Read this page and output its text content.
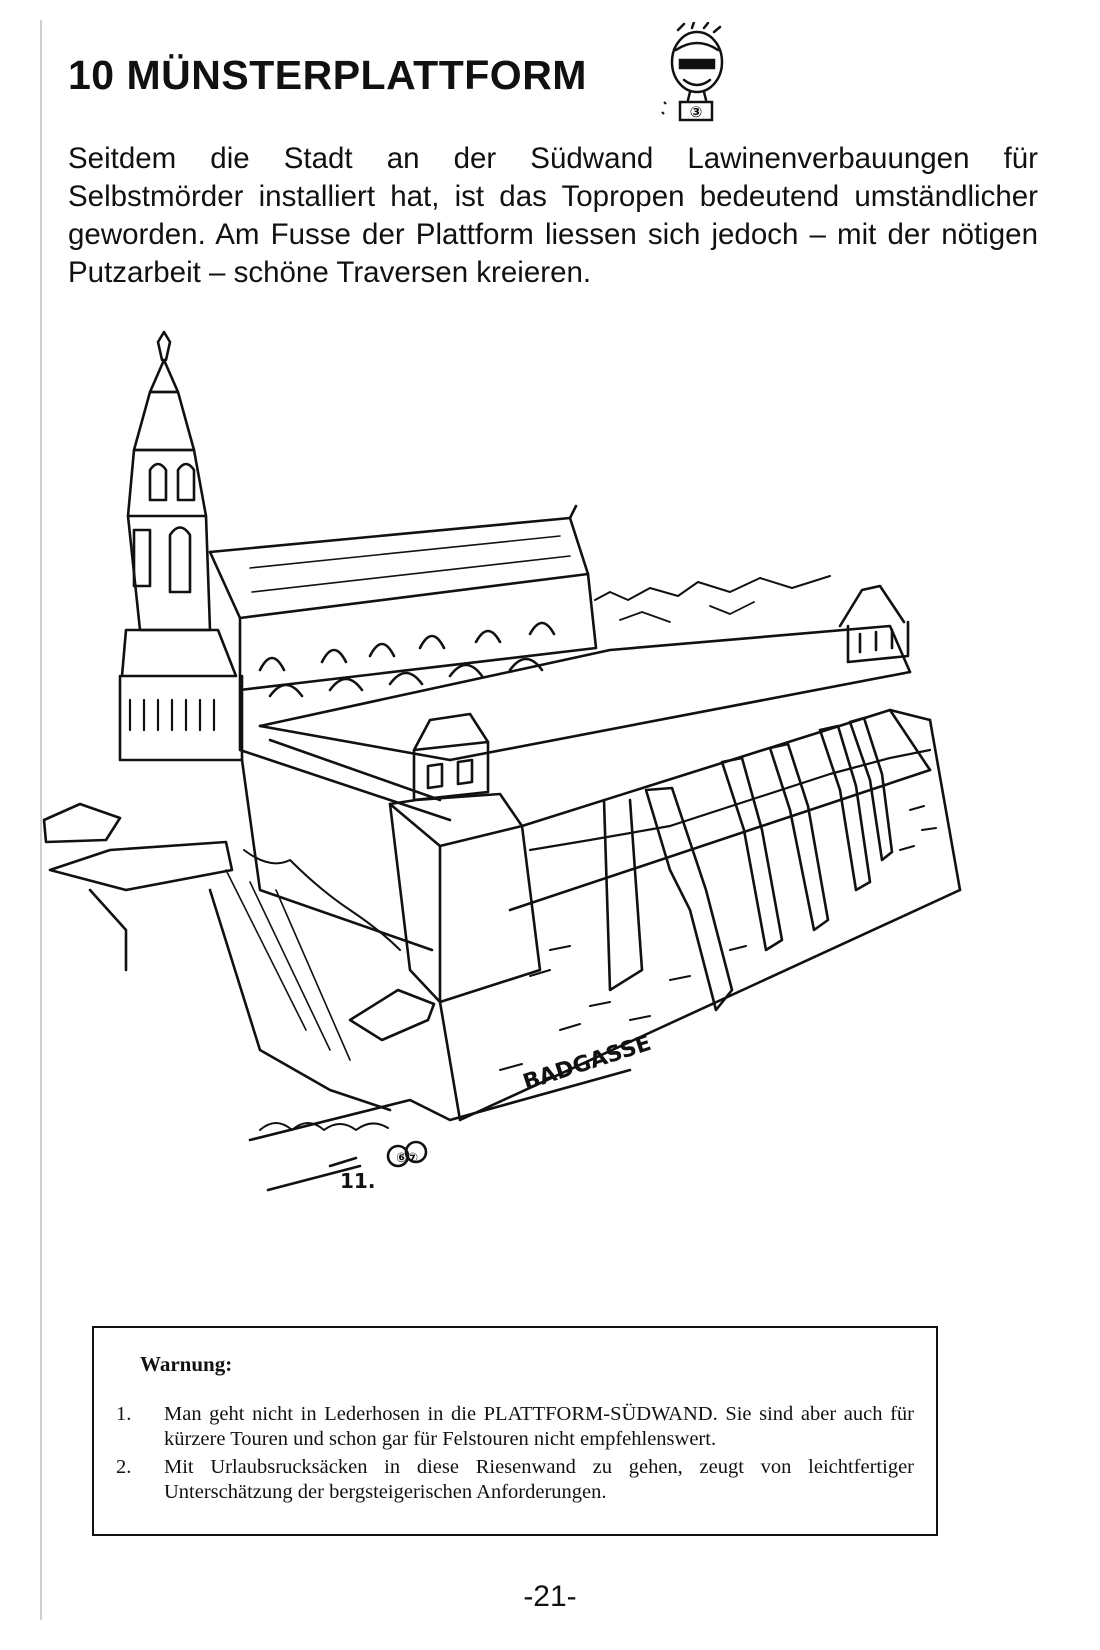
10 MÜNSTERPLATTFORM
③

Seitdem die Stadt an der Südwand Lawinenverbauungen für Selbstmörder installiert hat, ist das Topropen bedeutend umständlicher geworden. Am Fusse der Plattform liessen sich jedoch – mit der nötigen Putzarbeit – schöne Traversen kreieren.

BADGASSE
11.
⑥⑦

Warnung:

1. Man geht nicht in Lederhosen in die PLATTFORM-SÜDWAND. Sie sind aber auch für kürzere Touren und schon gar für Felstouren nicht empfehlenswert.
2. Mit Urlaubsrucksäcken in diese Riesenwand zu gehen, zeugt von leichtfertiger Unterschätzung der bergsteigerischen Anforderungen.
-21-
